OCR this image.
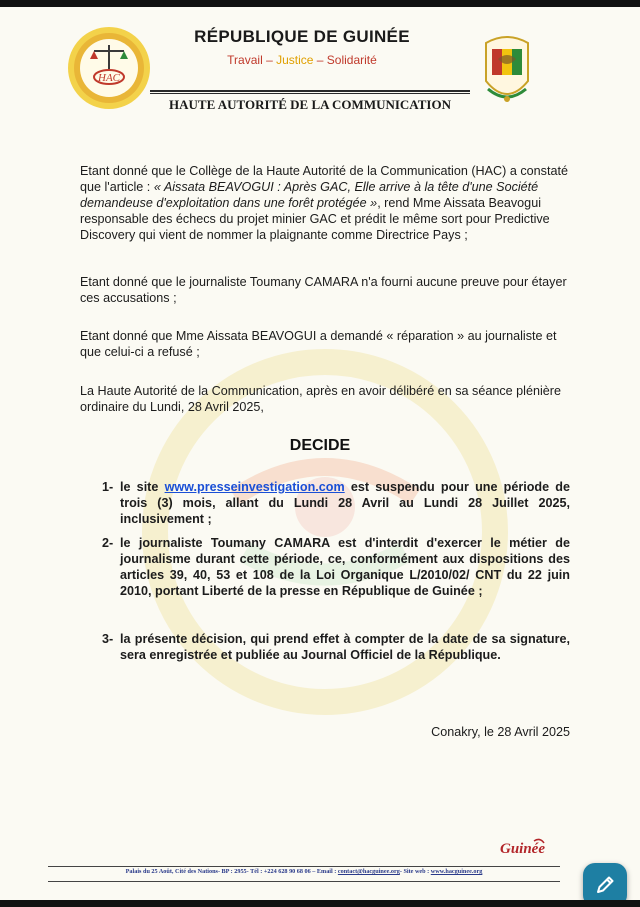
HAC
RÉPUBLIQUE DE GUINÉE
Travail – Justice – Solidarité
HAUTE AUTORITÉ DE LA COMMUNICATION
Etant donné que le Collège de la Haute Autorité de la Communication (HAC) a constaté que l'article : « Aissata BEAVOGUI : Après GAC, Elle arrive à la tête d'une Société demandeuse d'exploitation dans une forêt protégée », rend Mme Aissata Beavogui responsable des échecs du projet minier GAC et prédit le même sort pour Predictive Discovery qui vient de nommer la plaignante comme Directrice Pays ;
Etant donné que le journaliste Toumany CAMARA n'a fourni aucune preuve pour étayer ces accusations ;
Etant donné que Mme Aissata BEAVOGUI a demandé « réparation » au journaliste et que celui-ci a refusé ;
La Haute Autorité de la Communication, après en avoir délibéré en sa séance plénière ordinaire du Lundi, 28 Avril 2025,
DECIDE
1- le site www.presseinvestigation.com est suspendu pour une période de trois (3) mois, allant du Lundi 28 Avril au Lundi 28 Juillet 2025, inclusivement ;
2- le journaliste Toumany CAMARA est d'interdit d'exercer le métier de journalisme durant cette période, ce, conformément aux dispositions des articles 39, 40, 53 et 108 de la Loi Organique L/2010/02/ CNT du 22 juin 2010, portant Liberté de la presse en République de Guinée ;
3- la présente décision, qui prend effet à compter de la date de sa signature, sera enregistrée et publiée au Journal Officiel de la République.
Conakry, le 28 Avril 2025
Guinée
Palais du 25 Août, Cité des Nations- BP : 2955- Tél : +224 628 90 68 06 – Email : contact@hacguinee.org- Site web : www.hacguinee.org
